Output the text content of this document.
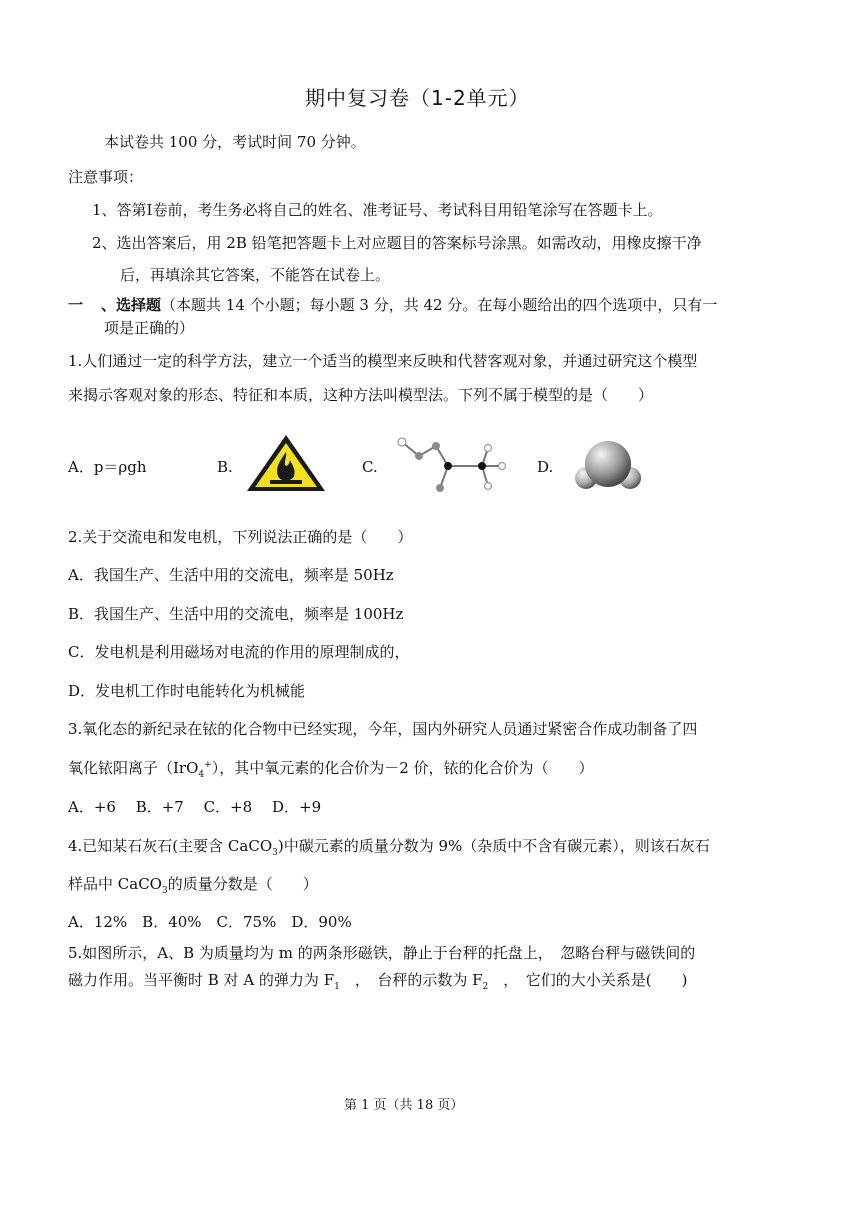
期中复习卷（1-2单元）
本试卷共 100 分，考试时间 70 分钟。
注意事项：
1、答第Ⅰ卷前，考生务必将自己的姓名、准考证号、考试科目用铅笔涂写在答题卡上。
2、选出答案后，用 2B 铅笔把答题卡上对应题目的答案标号涂黑。如需改动，用橡皮擦干净
后，再填涂其它答案，不能答在试卷上。
一 、选择题（本题共 14 个小题；每小题 3 分，共 42 分。在每小题给出的四个选项中，只有一
项是正确的）
1.人们通过一定的科学方法，建立一个适当的模型来反映和代替客观对象，并通过研究这个模型
来揭示客观对象的形态、特征和本质，这种方法叫模型法。下列不属于模型的是（　　）
A．p＝ρgh	B.	C.	D.
2.关于交流电和发电机，下列说法正确的是（　　）
A．我国生产、生活中用的交流电，频率是 50Hz
B．我国生产、生活中用的交流电，频率是 100Hz
C．发电机是利用磁场对电流的作用的原理制成的，
D．发电机工作时电能转化为机械能
3.氧化态的新纪录在铱的化合物中已经实现，今年，国内外研究人员通过紧密合作成功制备了四
氧化铱阳离子（IrO$_4$+），其中氧元素的化合价为－2 价，铱的化合价为（　　）
A．+6　 B．+7　 C．+8　 D．+9
4.已知某石灰石(主要含 CaCO$_3$)中碳元素的质量分数为 9%（杂质中不含有碳元素），则该石灰石
样品中 CaCO$_3$的质量分数是（　　）
A．12%　B．40%　C．75%　D．90%
5.如图所示，A、B 为质量均为 m 的两条形磁铁，静止于台秤的托盘上，　忽略台秤与磁铁间的
磁力作用。当平衡时 B 对 A 的弹力为 $F_1$　，　台秤的示数为 $F_2$　，　它们的大小关系是(　　)
第 1 页（共 18 页）
